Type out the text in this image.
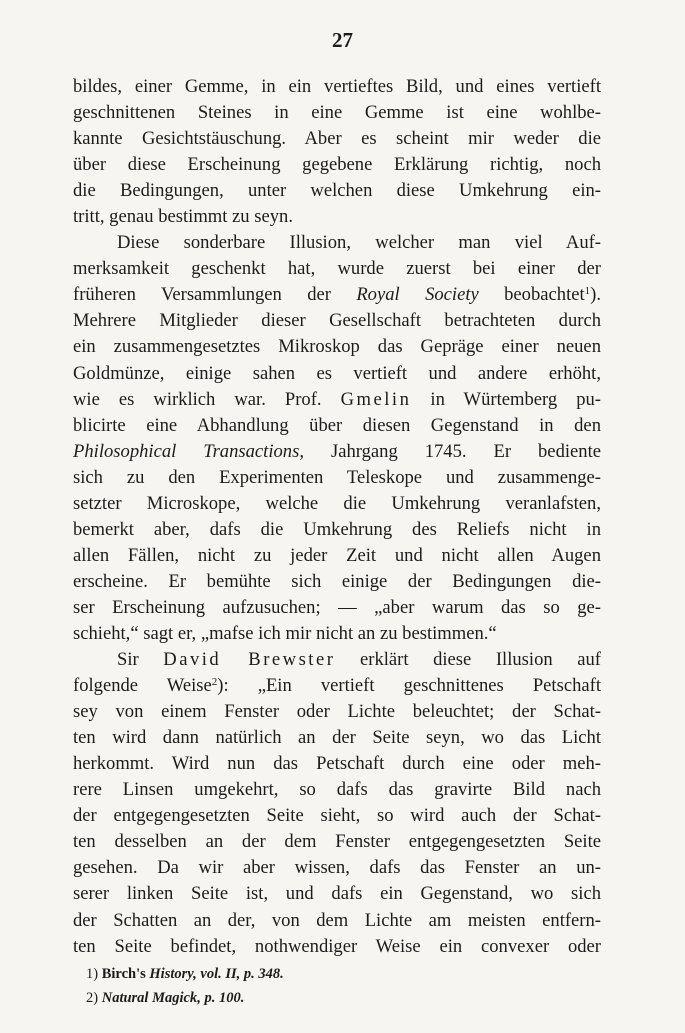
27
bildes, einer Gemme, in ein vertieftes Bild, und eines vertieft
geschnittenen Steines in eine Gemme ist eine wohlbe-
kannte Gesichtstäuschung. Aber es scheint mir weder die
über diese Erscheinung gegebene Erklärung richtig, noch
die Bedingungen, unter welchen diese Umkehrung ein-
tritt, genau bestimmt zu seyn.
Diese sonderbare Illusion, welcher man viel Auf-
merksamkeit geschenkt hat, wurde zuerst bei einer der
früheren Versammlungen der Royal Society beobachtet$^1$).
Mehrere Mitglieder dieser Gesellschaft betrachteten durch
ein zusammengesetztes Mikroskop das Gepräge einer neuen
Goldmünze, einige sahen es vertieft und andere erhöht,
wie es wirklich war. Prof. Gmelin in Würtemberg pu-
blicirte eine Abhandlung über diesen Gegenstand in den
Philosophical Transactions, Jahrgang 1745. Er bediente
sich zu den Experimenten Teleskope und zusammenge-
setzter Microskope, welche die Umkehrung veranlafsten,
bemerkt aber, dafs die Umkehrung des Reliefs nicht in
allen Fällen, nicht zu jeder Zeit und nicht allen Augen
erscheine. Er bemühte sich einige der Bedingungen die-
ser Erscheinung aufzusuchen; — „aber warum das so ge-
schieht,“ sagt er, „mafse ich mir nicht an zu bestimmen.“
Sir David Brewster erklärt diese Illusion auf
folgende Weise$^2$): „Ein vertieft geschnittenes Petschaft
sey von einem Fenster oder Lichte beleuchtet; der Schat-
ten wird dann natürlich an der Seite seyn, wo das Licht
herkommt. Wird nun das Petschaft durch eine oder meh-
rere Linsen umgekehrt, so dafs das gravirte Bild nach
der entgegengesetzten Seite sieht, so wird auch der Schat-
ten desselben an der dem Fenster entgegengesetzten Seite
gesehen. Da wir aber wissen, dafs das Fenster an un-
serer linken Seite ist, und dafs ein Gegenstand, wo sich
der Schatten an der, von dem Lichte am meisten entfern-
ten Seite befindet, nothwendiger Weise ein convexer oder
1) Birch's History, vol. II, p. 348.
2) Natural Magick, p. 100.
